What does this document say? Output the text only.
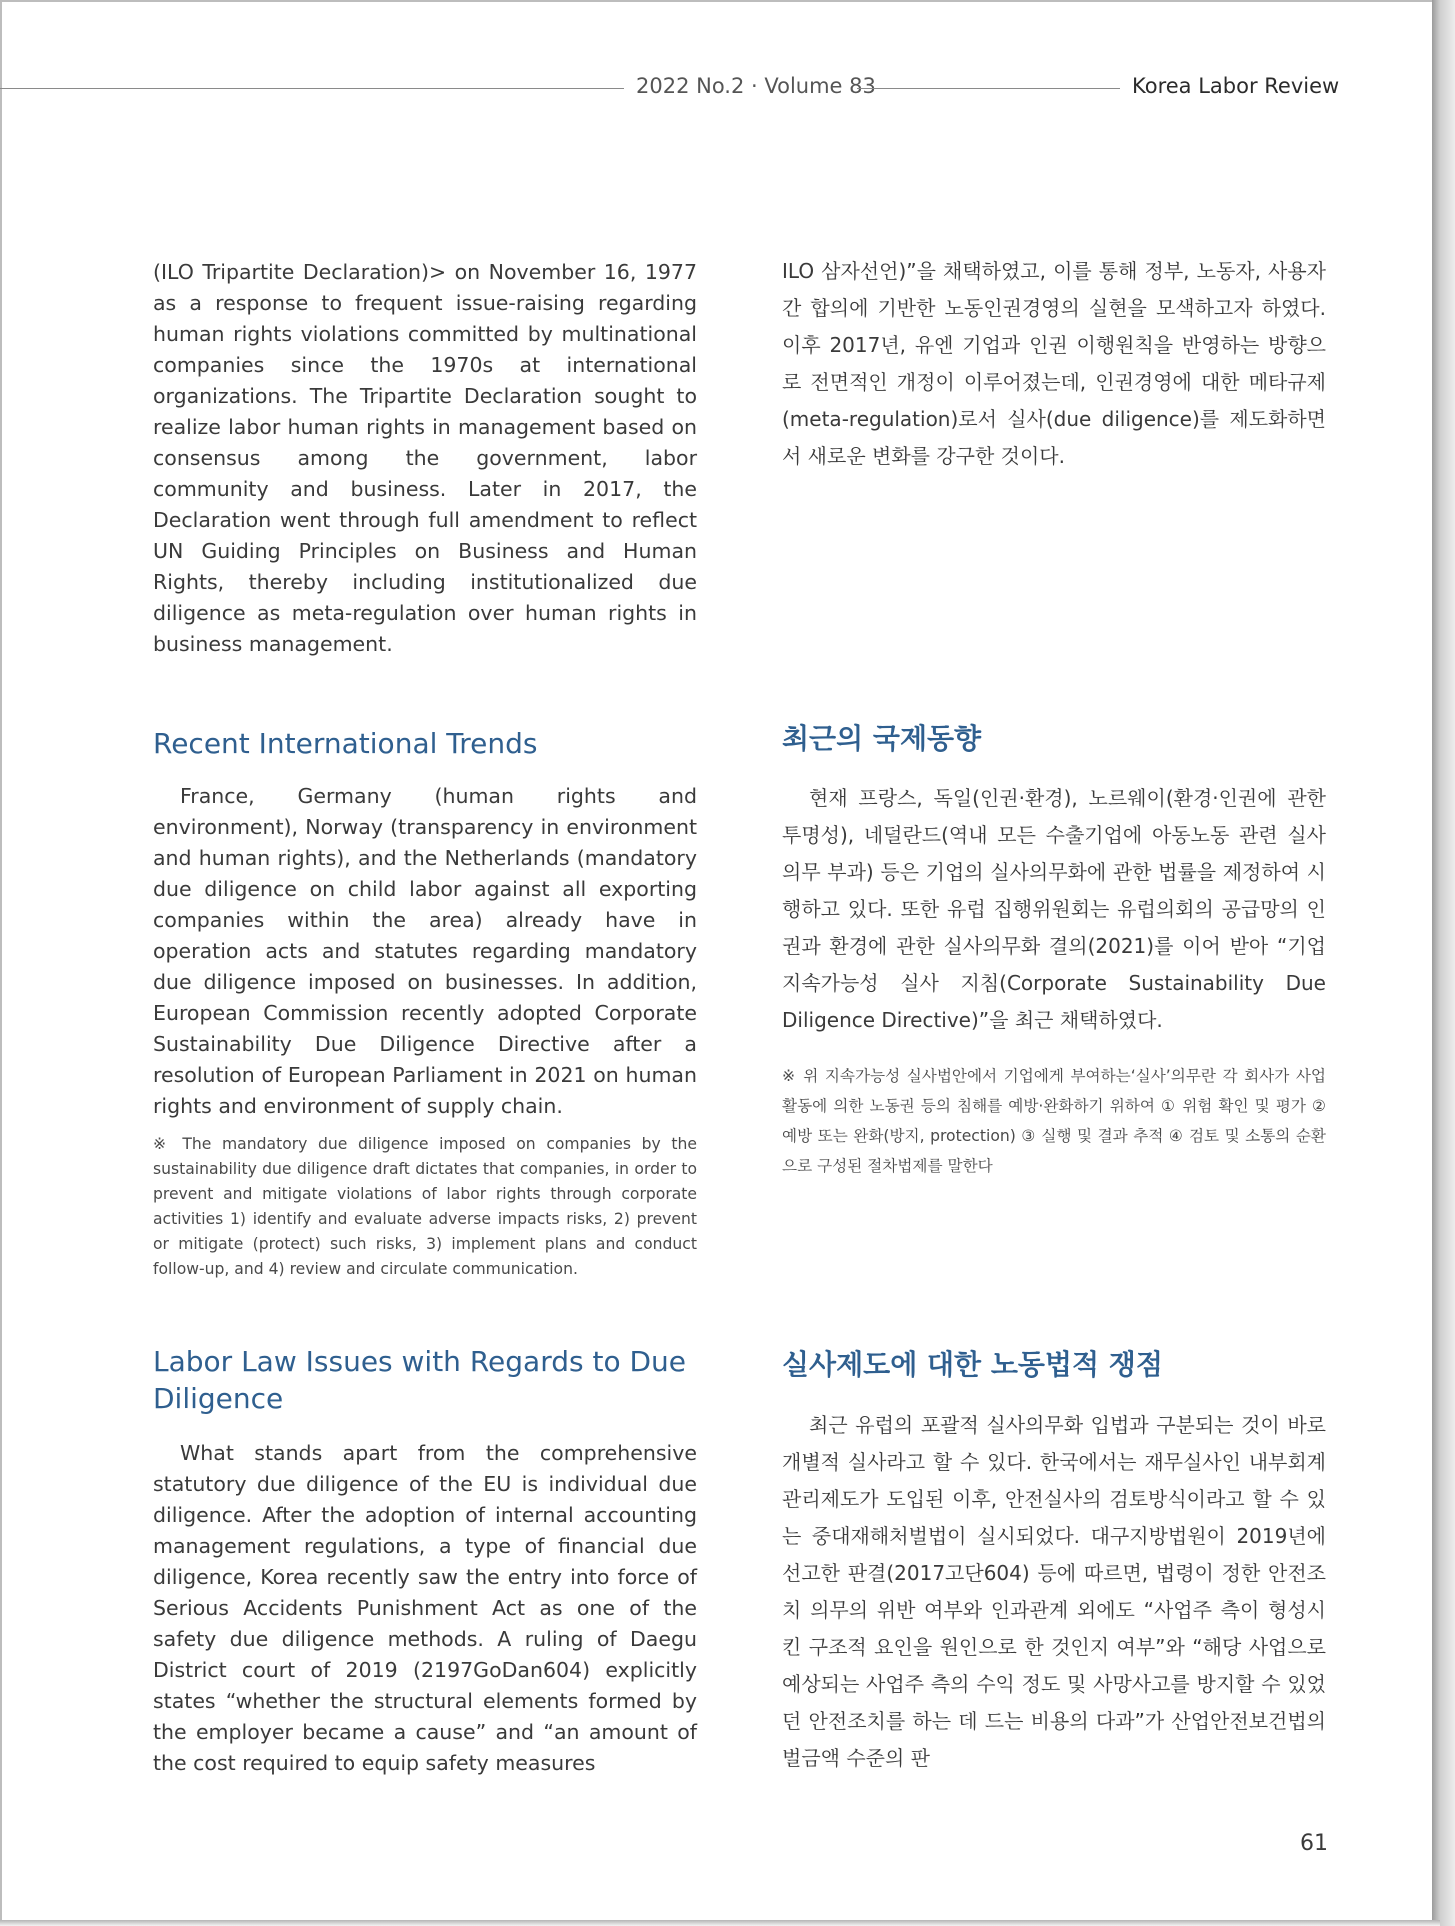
2022 No.2 · Volume 83	Korea Labor Review

(ILO Tripartite Declaration)> on November 16, 1977 as a response to frequent issue-raising regarding human rights violations committed by multinational companies since the 1970s at international organizations. The Tripartite Declaration sought to realize labor human rights in management based on consensus among the government, labor community and business. Later in 2017, the Declaration went through full amendment to reflect UN Guiding Principles on Business and Human Rights, thereby including institutionalized due diligence as meta-regulation over human rights in business management.

Recent International Trends

France, Germany (human rights and environment), Norway (transparency in environment and human rights), and the Netherlands (mandatory due diligence on child labor against all exporting companies within the area) already have in operation acts and statutes regarding mandatory due diligence imposed on businesses. In addition, European Commission recently adopted Corporate Sustainability Due Diligence Directive after a resolution of European Parliament in 2021 on human rights and environment of supply chain.

※ The mandatory due diligence imposed on companies by the sustainability due diligence draft dictates that companies, in order to prevent and mitigate violations of labor rights through corporate activities 1) identify and evaluate adverse impacts risks, 2) prevent or mitigate (protect) such risks, 3) implement plans and conduct follow-up, and 4) review and circulate communication.

Labor Law Issues with Regards to Due Diligence

What stands apart from the comprehensive statutory due diligence of the EU is individual due diligence. After the adoption of internal accounting management regulations, a type of financial due diligence, Korea recently saw the entry into force of Serious Accidents Punishment Act as one of the safety due diligence methods. A ruling of Daegu District court of 2019 (2197GoDan604) explicitly states “whether the structural elements formed by the employer became a cause” and “an amount of the cost required to equip safety measures

ILO 삼자선언)”을 채택하였고, 이를 통해 정부, 노동자, 사용자 간 합의에 기반한 노동인권경영의 실현을 모색하고자 하였다. 이후 2017년, 유엔 기업과 인권 이행원칙을 반영하는 방향으로 전면적인 개정이 이루어졌는데, 인권경영에 대한 메타규제(meta-regulation)로서 실사(due diligence)를 제도화하면서 새로운 변화를 강구한 것이다.

최근의 국제동향

현재 프랑스, 독일(인권·환경), 노르웨이(환경·인권에 관한 투명성), 네덜란드(역내 모든 수출기업에 아동노동 관련 실사 의무 부과) 등은 기업의 실사의무화에 관한 법률을 제정하여 시행하고 있다. 또한 유럽 집행위원회는 유럽의회의 공급망의 인권과 환경에 관한 실사의무화 결의(2021)를 이어 받아 “기업 지속가능성 실사 지침(Corporate Sustainability Due Diligence Directive)”을 최근 채택하였다.

※ 위 지속가능성 실사법안에서 기업에게 부여하는‘실사’의무란 각 회사가 사업활동에 의한 노동권 등의 침해를 예방·완화하기 위하여 ① 위험 확인 및 평가 ② 예방 또는 완화(방지, protection) ③ 실행 및 결과 추적 ④ 검토 및 소통의 순환으로 구성된 절차법제를 말한다

실사제도에 대한 노동법적 쟁점

최근 유럽의 포괄적 실사의무화 입법과 구분되는 것이 바로 개별적 실사라고 할 수 있다. 한국에서는 재무실사인 내부회계관리제도가 도입된 이후, 안전실사의 검토방식이라고 할 수 있는 중대재해처벌법이 실시되었다. 대구지방법원이 2019년에 선고한 판결(2017고단604) 등에 따르면, 법령이 정한 안전조치 의무의 위반 여부와 인과관계 외에도 “사업주 측이 형성시킨 구조적 요인을 원인으로 한 것인지 여부”와 “해당 사업으로 예상되는 사업주 측의 수익 정도 및 사망사고를 방지할 수 있었던 안전조치를 하는 데 드는 비용의 다과”가 산업안전보건법의 벌금액 수준의 판

61
